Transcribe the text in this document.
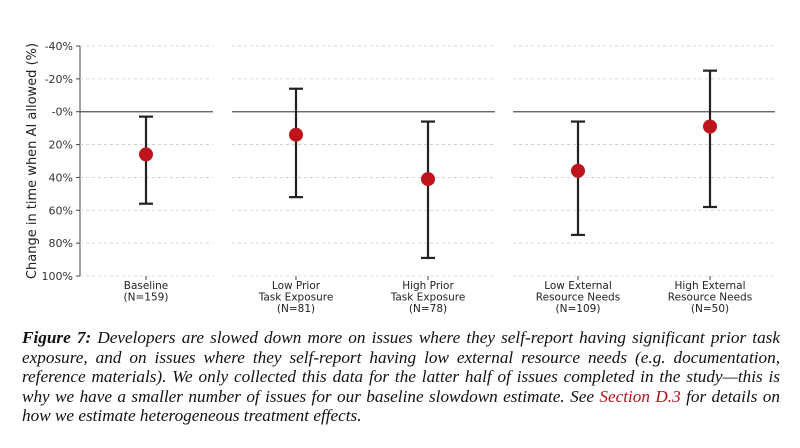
Change in time when AI allowed (%) -40%
-20%
-0%
20%
40%
60%
80%
100%
Baseline
(N=159)
Low Prior
Task Exposure
(N=81)
High Prior
Task Exposure
(N=78)
Low External
Resource Needs
(N=109)
High External
Resource Needs
(N=50)
Figure 7: Developers are slowed down more on issues where they self-report having significant prior task exposure, and on issues where they self-report having low external resource needs (e.g. documentation, reference materials). We only collected this data for the latter half of issues completed in the study—this is why we have a smaller number of issues for our baseline slowdown estimate. See Section D.3 for details on how we estimate heterogeneous treatment effects.
